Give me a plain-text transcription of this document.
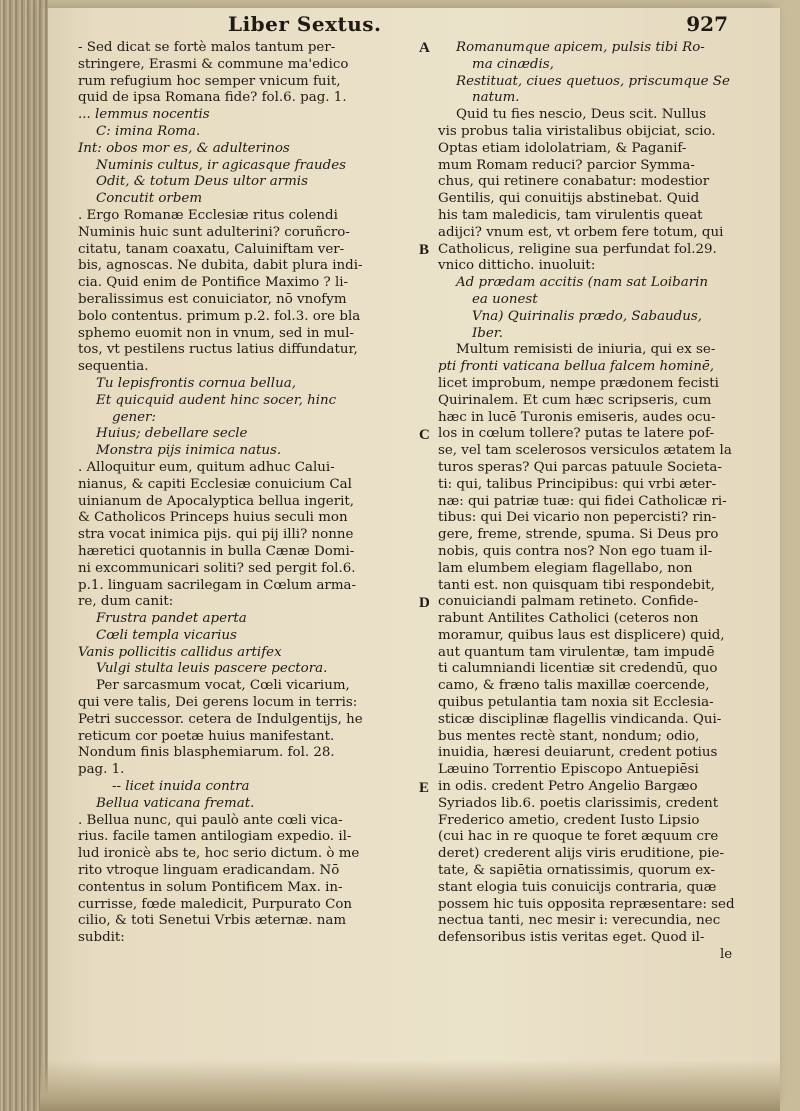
Liber Sextus.	927
A
B
C
D
E
- Sed dicat se fortè malos tantum per-
stringere, Erasmi & commune ma'edico
rum refugium hoc semper vnicum fuit,
quid de ipsa Romana fide? fol.6. pag. 1.
... lemmus nocentis
C: imina Roma.
Int: obos mor es, & adulterinos
Numinis cultus, ir agicasque fraudes
Odit, & totum Deus ultor armis
Concutit orbem
. Ergo Romanæ Ecclesiæ ritus colendi
Numinis huic sunt adulterini? coruñcro-
citatu, tanam coaxatu, Caluiniftam ver-
bis, agnoscas. Ne dubita, dabit plura indi-
cia. Quid enim de Pontifice Maximo ? li-
beralissimus est conuiciator, nō vnofym
bolo contentus. primum p.2. fol.3. ore bla
sphemo euomit non in vnum, sed in mul-
tos, vt pestilens ructus latius diffundatur,
sequentia.
Tu lepisfrontis cornua bellua,
Et quicquid audent hinc socer, hinc
gener:
Huius; debellare secle
Monstra pijs inimica natus.
. Alloquitur eum, quitum adhuc Calui-
nianus, & capiti Ecclesiæ conuicium Cal
uinianum de Apocalyptica bellua ingerit,
& Catholicos Princeps huius seculi mon
stra vocat inimica pijs. qui pij illi? nonne
hæretici quotannis in bulla Cænæ Domi-
ni excommunicari soliti? sed pergit fol.6.
p.1. linguam sacrilegam in Cœlum arma-
re, dum canit:
Frustra pandet aperta
Cœli templa vicarius
Vanis pollicitis callidus artifex
Vulgi stulta leuis pascere pectora.
Per sarcasmum vocat, Cœli vicarium,
qui vere talis, Dei gerens locum in terris:
Petri successor. cetera de Indulgentijs, he
reticum cor poetæ huius manifestant.
Nondum finis blasphemiarum. fol. 28.
pag. 1.
-- licet inuida contra
Bellua vaticana fremat.
. Bellua nunc, qui paulò ante cœli vica-
rius. facile tamen antilogiam expedio. il-
lud ironicè abs te, hoc serio dictum. ò me
rito vtroque linguam eradicandam. Nō
contentus in solum Pontificem Max. in-
currisse, fœde maledicit, Purpurato Con
cilio, & toti Senetui Vrbis æternæ. nam
subdit:
Romanumque apicem, pulsis tibi Ro-
ma cinædis,
Restituat, ciues quetuos, priscumque Se
natum.
Quid tu fies nescio, Deus scit. Nullus
vis probus talia viristalibus obijciat, scio.
Optas etiam idololatriam, & Paganif-
mum Romam reduci? parcior Symma-
chus, qui retinere conabatur: modestior
Gentilis, qui conuitijs abstinebat. Quid
his tam maledicis, tam virulentis queat
adijci? vnum est, vt orbem fere totum, qui
Catholicus, religine sua perfundat fol.29.
vnico ditticho. inuoluit:
Ad prædam accitis (nam sat Loibarin
ea uonest
Vna) Quirinalis prædo, Sabaudus,
Iber.
Multum remisisti de iniuria, qui ex se-
pti fronti vaticana bellua falcem hominē,
licet improbum, nempe prædonem fecisti
Quirinalem. Et cum hæc scripseris, cum
hæc in lucē Turonis emiseris, audes ocu-
los in cœlum tollere? putas te latere pof-
se, vel tam scelerosos versiculos ætatem la
turos speras? Qui parcas patuule Societa-
ti: qui, talibus Principibus: qui vrbi æter-
næ: qui patriæ tuæ: qui fidei Catholicæ ri-
tibus: qui Dei vicario non pepercisti? rin-
gere, freme, strende, spuma. Si Deus pro
nobis, quis contra nos? Non ego tuam il-
lam elumbem elegiam flagellabo, non
tanti est. non quisquam tibi respondebit,
conuiciandi palmam retineto. Confide-
rabunt Antilites Catholici (ceteros non
moramur, quibus laus est displicere) quid,
aut quantum tam virulentæ, tam impudē
ti calumniandi licentiæ sit credendū, quo
camo, & fræno talis maxillæ coercende,
quibus petulantia tam noxia sit Ecclesia-
sticæ disciplinæ flagellis vindicanda. Qui-
bus mentes rectè stant, nondum; odio,
inuidia, hæresi deuiarunt, credent potius
Læuino Torrentio Episcopo Antuepiēsi
in odis. credent Petro Angelio Bargæo
Syriados lib.6. poetis clarissimis, credent
Frederico ametio, credent Iusto Lipsio
(cui hac in re quoque te foret æquum cre
deret) crederent alijs viris eruditione, pie-
tate, & sapiētia ornatissimis, quorum ex-
stant elogia tuis conuicijs contraria, quæ
possem hic tuis opposita repræsentare: sed
nectua tanti, nec mesir i: verecundia, nec
defensoribus istis veritas eget. Quod il-
le
